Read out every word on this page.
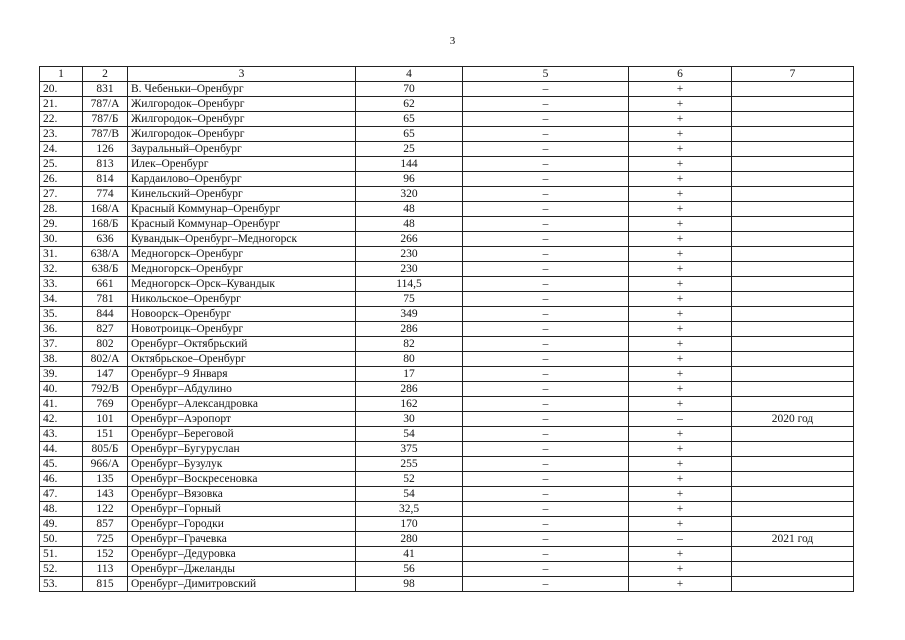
3
1	2	3	4	5	6	7
20.	831	В. Чебеньки–Оренбург	70	–	+	
21.	787/А	Жилгородок–Оренбург	62	–	+	
22.	787/Б	Жилгородок–Оренбург	65	–	+	
23.	787/В	Жилгородок–Оренбург	65	–	+	
24.	126	Зауральный–Оренбург	25	–	+	
25.	813	Илек–Оренбург	144	–	+	
26.	814	Кардаилово–Оренбург	96	–	+	
27.	774	Кинельский–Оренбург	320	–	+	
28.	168/А	Красный Коммунар–Оренбург	48	–	+	
29.	168/Б	Красный Коммунар–Оренбург	48	–	+	
30.	636	Кувандык–Оренбург–Медногорск	266	–	+	
31.	638/А	Медногорск–Оренбург	230	–	+	
32.	638/Б	Медногорск–Оренбург	230	–	+	
33.	661	Медногорск–Орск–Кувандык	114,5	–	+	
34.	781	Никольское–Оренбург	75	–	+	
35.	844	Новоорск–Оренбург	349	–	+	
36.	827	Новотроицк–Оренбург	286	–	+	
37.	802	Оренбург–Октябрьский	82	–	+	
38.	802/А	Октябрьское–Оренбург	80	–	+	
39.	147	Оренбург–9 Января	17	–	+	
40.	792/В	Оренбург–Абдулино	286	–	+	
41.	769	Оренбург–Александровка	162	–	+	
42.	101	Оренбург–Аэропорт	30	–	–	2020 год
43.	151	Оренбург–Береговой	54	–	+	
44.	805/Б	Оренбург–Бугуруслан	375	–	+	
45.	966/А	Оренбург–Бузулук	255	–	+	
46.	135	Оренбург–Воскресеновка	52	–	+	
47.	143	Оренбург–Вязовка	54	–	+	
48.	122	Оренбург–Горный	32,5	–	+	
49.	857	Оренбург–Городки	170	–	+	
50.	725	Оренбург–Грачевка	280	–	–	2021 год
51.	152	Оренбург–Дедуровка	41	–	+	
52.	113	Оренбург–Джеланды	56	–	+	
53.	815	Оренбург–Димитровский	98	–	+	
